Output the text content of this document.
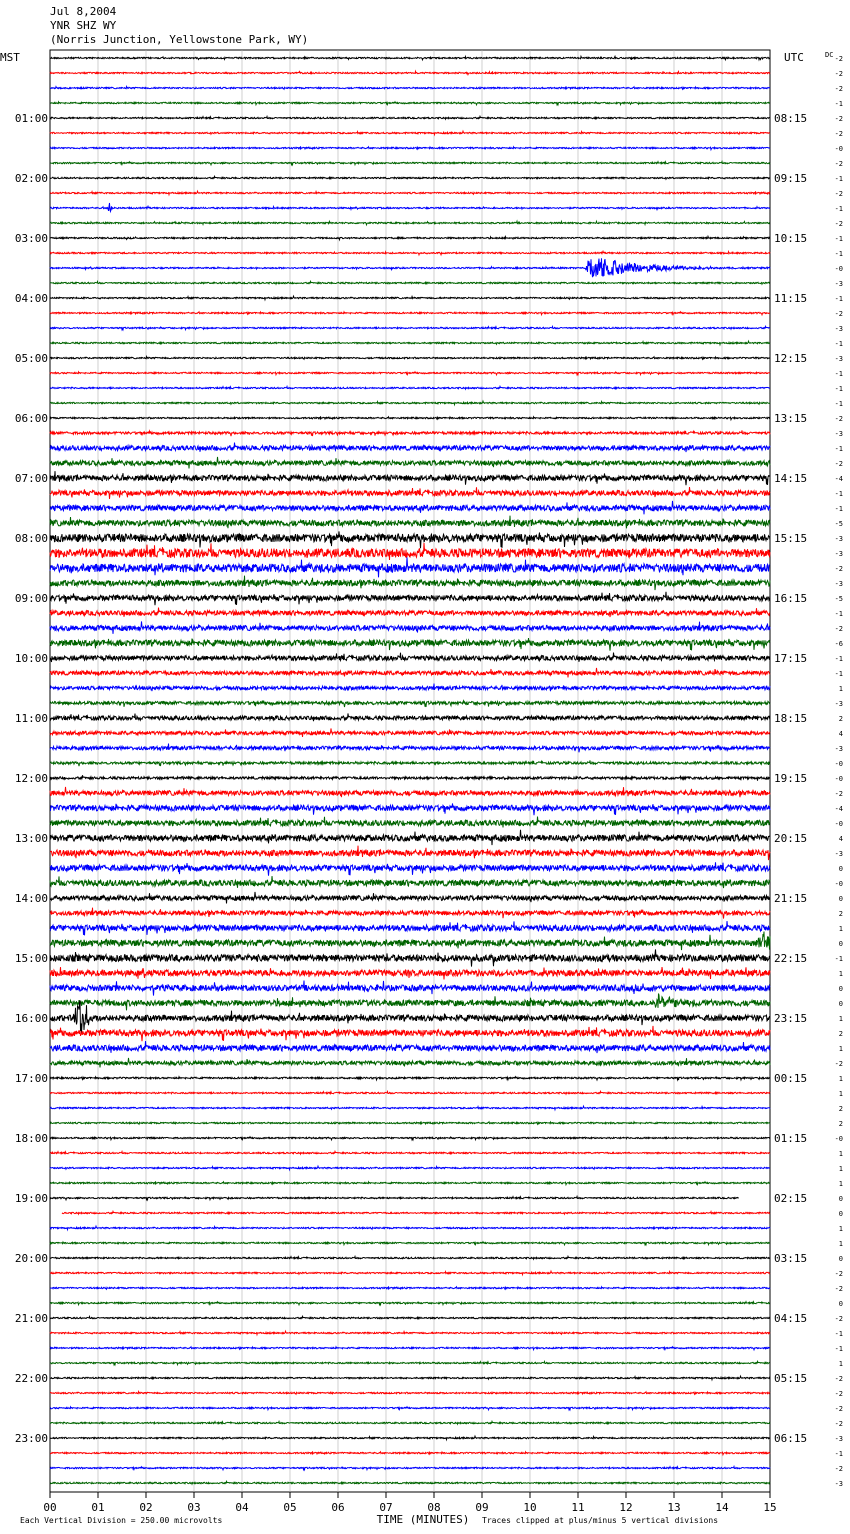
Jul 8,2004
YNR SHZ WY
(Norris Junction, Yellowstone Park, WY)
-2
-2
-2
-1
-2
-2
-0
-2
-1
-2
-1
-2
-1
-1
-0
-3
-1
-2
-3
-1
-3
-1
-1
-1
-2
-3
-1
-2
-4
-1
-1
-5
-3
-3
-2
-3
-5
-1
-2
-6
-1
-1
1
-3
2
4
-3
-0
-0
-2
-4
-0
4
-3
0
-0
0
2
1
0
-1
1
0
0
1
2
1
-2
1
1
2
2
-0
1
1
1
0
0
1
1
0
-2
-2
0
-2
-1
-1
1
-2
-2
-2
-2
-3
-1
-2
-3
MST	UTC	DC
01:00
02:00
03:00
04:00
05:00
06:00
07:00
08:00
09:00
10:00
11:00
12:00
13:00
14:00
15:00
16:00
17:00
18:00
19:00
20:00
21:00
22:00
23:00
08:15
09:15
10:15
11:15
12:15
13:15
14:15
15:15
16:15
17:15
18:15
19:15
20:15
21:15
22:15
23:15
00:15
01:15
02:15
03:15
04:15
05:15
06:15
00	01	02	03	04	05	06	07	08	09	10	11	12	13	14	15
TIME (MINUTES)
Each Vertical Division = 250.00 microvolts	Traces clipped at plus/minus 5 vertical divisions
